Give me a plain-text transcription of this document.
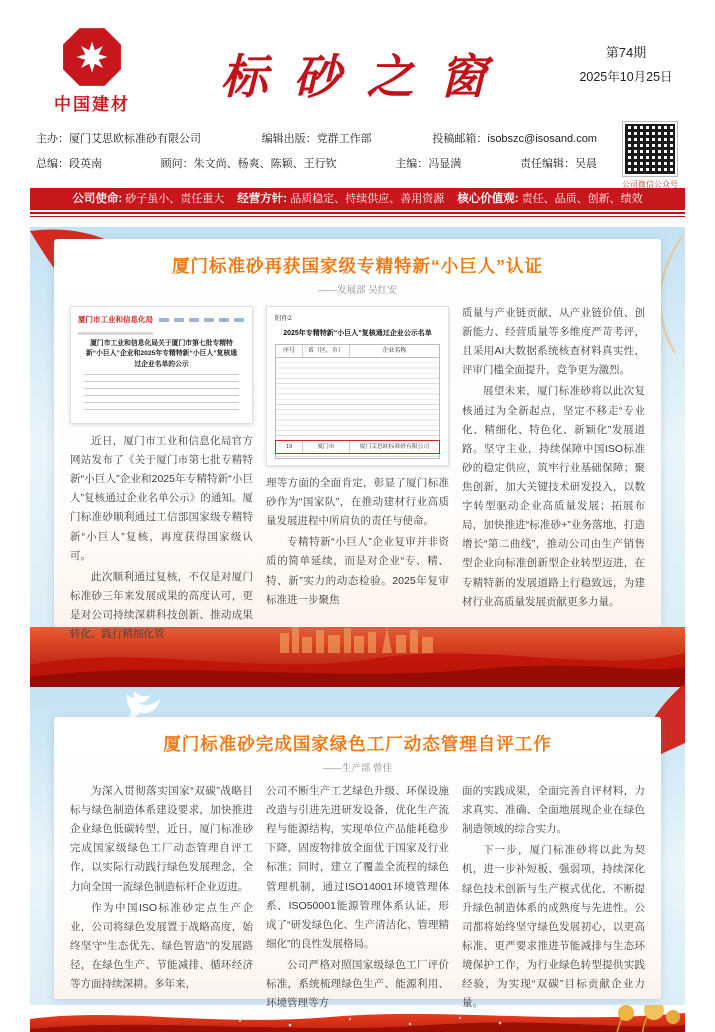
中国建材	标砂之窗	第74期
2025年10月25日
主办：厦门艾思欧标准砂有限公司	编辑出版：党群工作部	投稿邮箱：isobszc@isosand.com
总编：段英南	顾问：朱文尚、杨爽、陈颖、王行钦	主编：冯显满	责任编辑：吴晨
公司微信公众号
公司使命: 砂子虽小、责任重大 经营方针: 品质稳定、持续供应、善用资源 核心价值观: 责任、品质、创新、绩效
厦门标准砂再获国家级专精特新“小巨人”认证
——发展部 吴红安
厦门市工业和信息化局
厦门市工业和信息化局关于厦门市第七批专精特新“小巨人”企业和2025年专精特新“小巨人”复核通过企业名单的公示

近日，厦门市工业和信息化局官方网站发布了《关于厦门市第七批专精特新“小巨人”企业和2025年专精特新“小巨人”复核通过企业名单公示》的通知。厦门标准砂顺利通过工信部国家级专精特新“小巨人”复核，再度获得国家级认可。

此次顺利通过复核，不仅是对厦门标准砂三年来发展成果的高度认可，更是对公司持续深耕科技创新、推动成果转化、践行精细化管

附件2
2025年专精特新“小巨人”复核通过企业公示名单
序号	省（区、市）	企业名称
19	厦门市	厦门艾思欧标准砂有限公司

理等方面的全面肯定，彰显了厦门标准砂作为“国家队”，在推动建材行业高质量发展进程中所肩负的责任与使命。

专精特新“小巨人”企业复审并非资质的简单延续，而是对企业“专、精、特、新”实力的动态检验。2025年复审标准进一步聚焦

质量与产业链贡献，从产业链价值、创新能力、经营质量等多维度严苛考评，且采用AI大数据系统核查材料真实性，评审门槛全面提升，竞争更为激烈。

展望未来，厦门标准砂将以此次复核通过为全新起点，坚定不移走“专业化、精细化、特色化、新颖化”发展道路。坚守主业，持续保障中国ISO标准砂的稳定供应，筑牢行业基础保障；聚焦创新，加大关键技术研发投入，以数字转型驱动企业高质量发展；拓展布局，加快推进“标准砂+”业务落地，打造增长“第二曲线”，推动公司由生产销售型企业向标准创新型企业转型迈进，在专精特新的发展道路上行稳致远，为建材行业高质量发展贡献更多力量。

厦门标准砂完成国家绿色工厂动态管理自评工作
——生产部 曾佳

为深入贯彻落实国家“双碳”战略目标与绿色制造体系建设要求，加快推进企业绿色低碳转型，近日，厦门标准砂完成国家级绿色工厂动态管理自评工作，以实际行动践行绿色发展理念，全力向全国一流绿色制造标杆企业迈进。

作为中国ISO标准砂定点生产企业，公司将绿色发展置于战略高度，始终坚守“生态优先、绿色智造”的发展路径，在绿色生产、节能减排、循环经济等方面持续深耕。多年来，

公司不断生产工艺绿色升级、环保设施改造与引进先进研发设备，优化生产流程与能源结构，实现单位产品能耗稳步下降，固废物排放全面优于国家及行业标准；同时，建立了覆盖全流程的绿色管理机制，通过ISO14001环境管理体系、ISO50001能源管理体系认证，形成了“研发绿色化、生产清洁化、管理精细化”的良性发展格局。

公司严格对照国家级绿色工厂评价标准，系统梳理绿色生产、能源利用、环境管理等方

面的实践成果，全面完善自评材料，力求真实、准确、全面地展现企业在绿色制造领域的综合实力。

下一步，厦门标准砂将以此为契机，进一步补短板、强弱项，持续深化绿色技术创新与生产模式优化，不断提升绿色制造体系的成熟度与先进性。公司都将始终坚守绿色发展初心，以更高标准、更严要求推进节能减排与生态环境保护工作，为行业绿色转型提供实践经验，为实现“双碳”目标贡献企业力量。
